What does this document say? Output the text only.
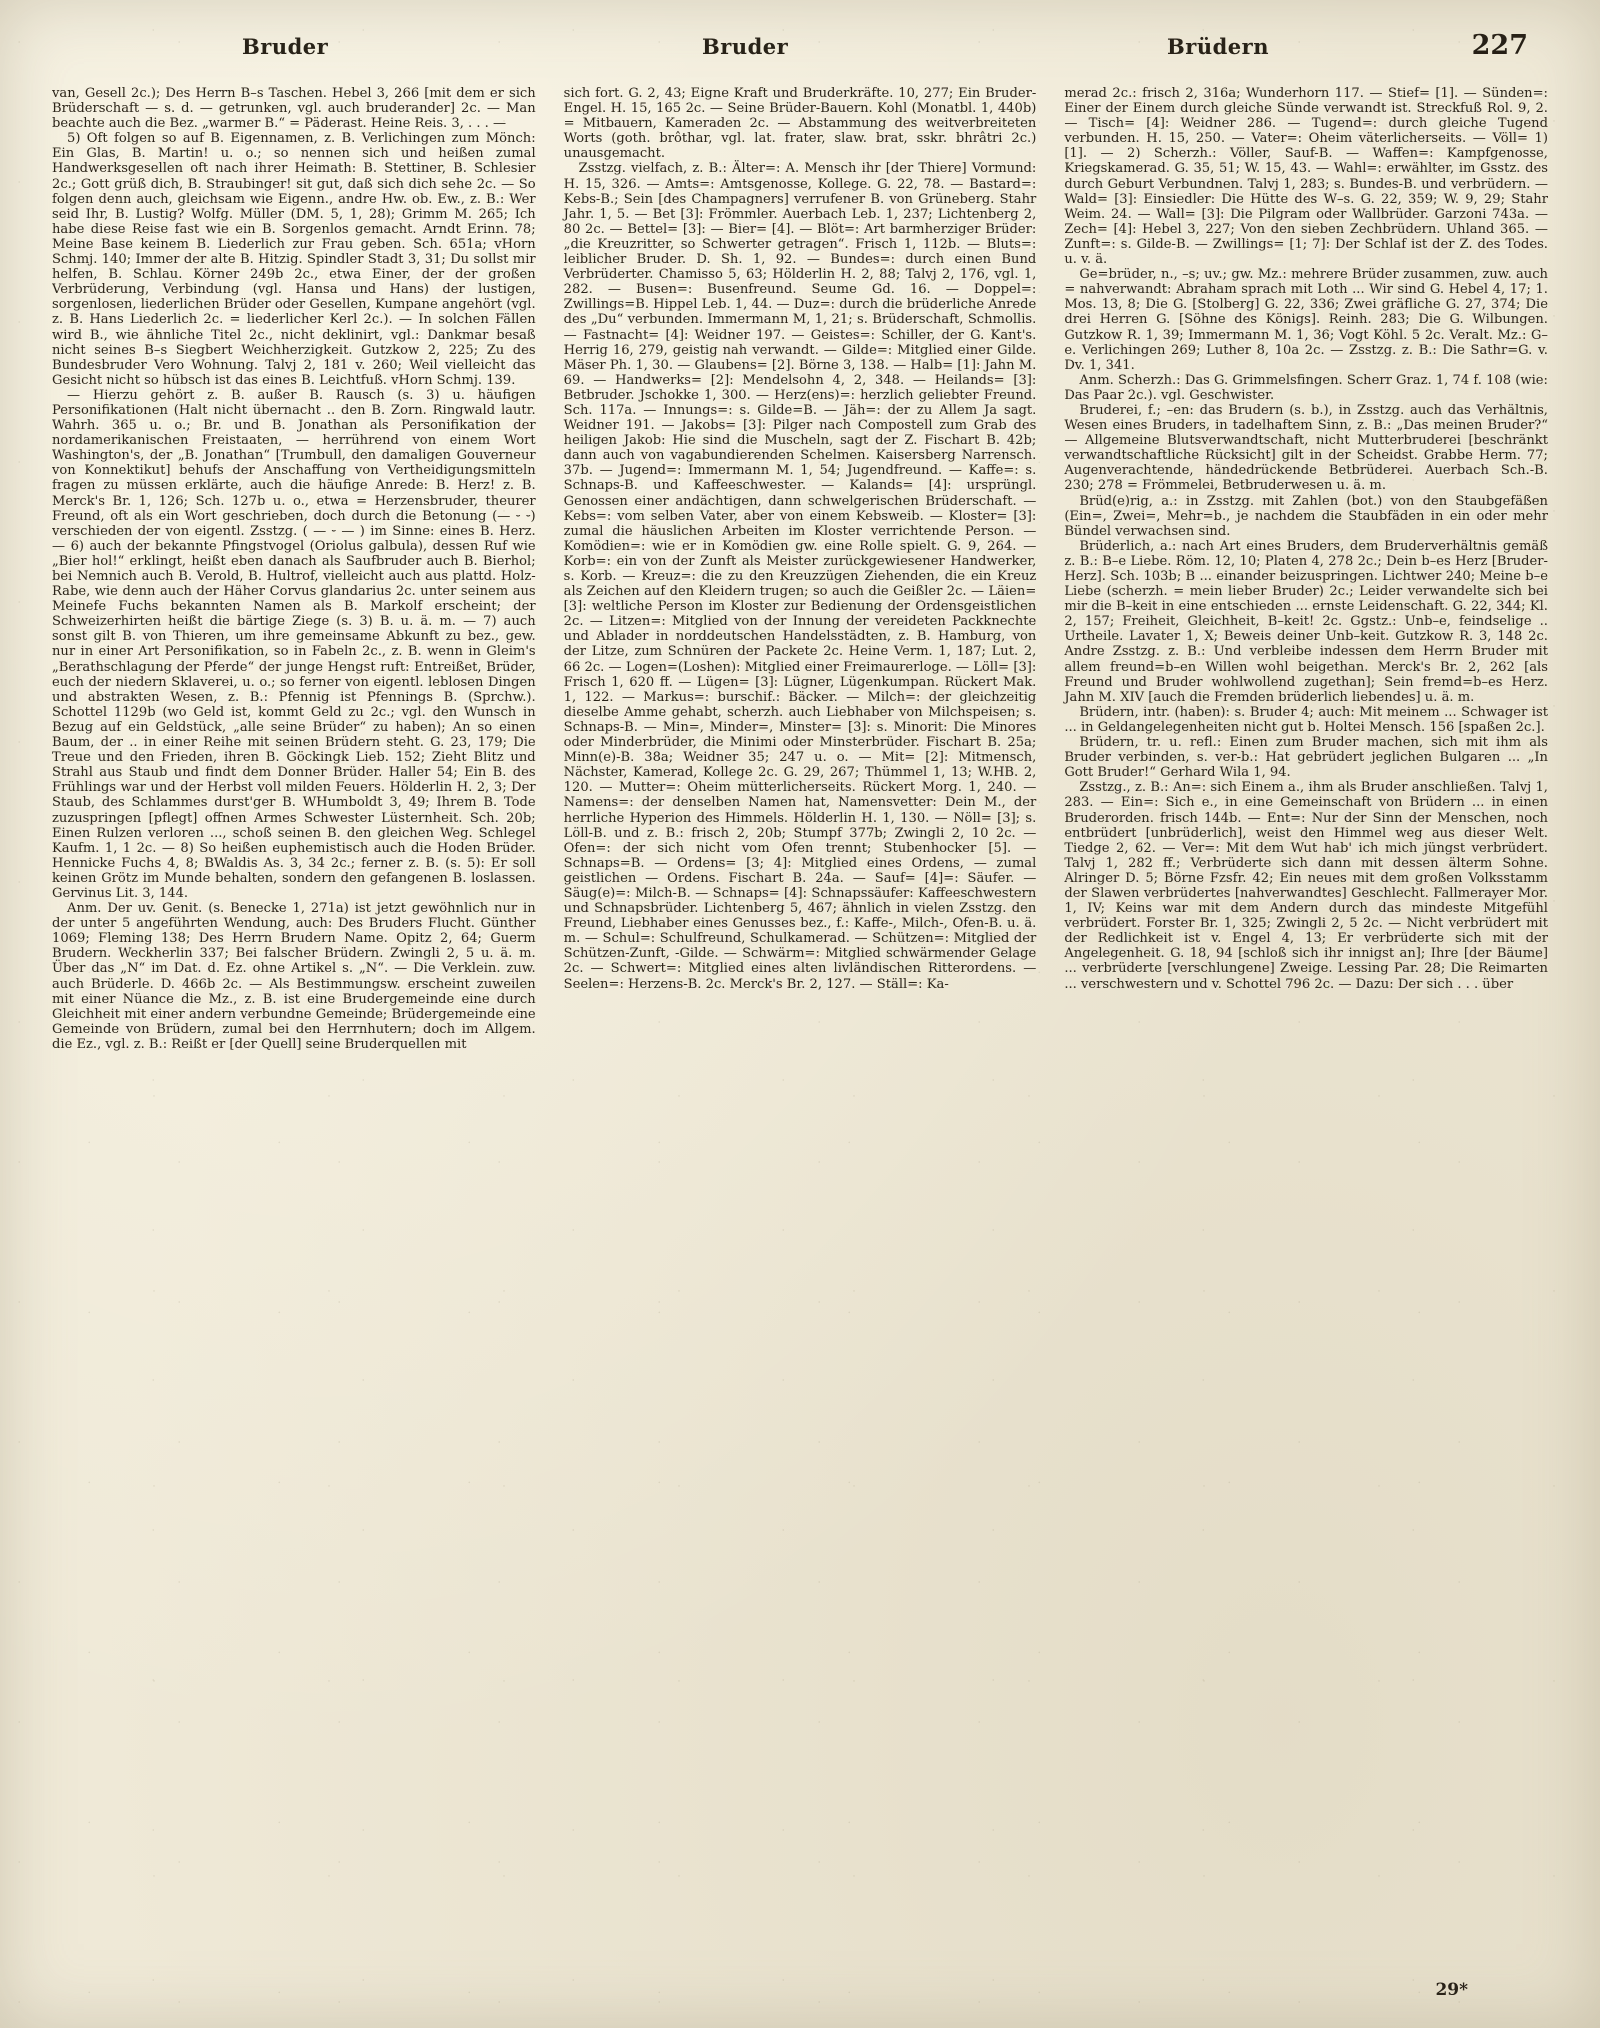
Bruder	Bruder	Brüdern	227

van, Gesell 2c.); Des Herrn B–s Taschen. Hebel 3, 266 [mit dem er sich Brüderschaft — s. d. — getrunken, vgl. auch bruderander] 2c. — Man beachte auch die Bez. „warmer B.“ = Päderast. Heine Reis. 3, . . . —

5) Oft folgen so auf B. Eigennamen, z. B. Verlichingen zum Mönch: Ein Glas, B. Martin! u. o.; so nennen sich und heißen zumal Handwerksgesellen oft nach ihrer Heimath: B. Stettiner, B. Schlesier 2c.; Gott grüß dich, B. Straubinger! sit gut, daß sich dich sehe 2c. — So folgen denn auch, gleichsam wie Eigenn., andre Hw. ob. Ew., z. B.: Wer seid Ihr, B. Lustig? Wolfg. Müller (DM. 5, 1, 28); Grimm M. 265; Ich habe diese Reise fast wie ein B. Sorgenlos gemacht. Arndt Erinn. 78; Meine Base keinem B. Liederlich zur Frau geben. Sch. 651a; vHorn Schmj. 140; Immer der alte B. Hitzig. Spindler Stadt 3, 31; Du sollst mir helfen, B. Schlau. Körner 249b 2c., etwa Einer, der der großen Verbrüderung, Verbindung (vgl. Hansa und Hans) der lustigen, sorgenlosen, liederlichen Brüder oder Gesellen, Kumpane angehört (vgl. z. B. Hans Liederlich 2c. = liederlicher Kerl 2c.). — In solchen Fällen wird B., wie ähnliche Titel 2c., nicht deklinirt, vgl.: Dankmar besaß nicht seines B–s Siegbert Weichherzigkeit. Gutzkow 2, 225; Zu des Bundesbruder Vero Wohnung. Talvj 2, 181 v. 260; Weil vielleicht das Gesicht nicht so hübsch ist das eines B. Leichtfuß. vHorn Schmj. 139.

— Hierzu gehört z. B. außer B. Rausch (s. 3) u. häufigen Personifikationen (Halt nicht übernacht .. den B. Zorn. Ringwald lautr. Wahrh. 365 u. o.; Br. und B. Jonathan als Personifikation der nordamerikanischen Freistaaten, — herrührend von einem Wort Washington's, der „B. Jonathan“ [Trumbull, den damaligen Gouverneur von Konnektikut] behufs der Anschaffung von Vertheidigungsmitteln fragen zu müssen erklärte, auch die häufige Anrede: B. Herz! z. B. Merck's Br. 1, 126; Sch. 127b u. o., etwa = Herzensbruder, theurer Freund, oft als ein Wort geschrieben, doch durch die Betonung (— ⏑ ⏑) verschieden der von eigentl. Zsstzg. ( — ⏑ — ) im Sinne: eines B. Herz. — 6) auch der bekannte Pfingstvogel (Oriolus galbula), dessen Ruf wie „Bier hol!“ erklingt, heißt eben danach als Saufbruder auch B. Bierhol; bei Nemnich auch B. Verold, B. Hultrof, vielleicht auch aus plattd. Holz-Rabe, wie denn auch der Häher Corvus glandarius 2c. unter seinem aus Meinefe Fuchs bekannten Namen als B. Markolf erscheint; der Schweizerhirten heißt die bärtige Ziege (s. 3) B. u. ä. m. — 7) auch sonst gilt B. von Thieren, um ihre gemeinsame Abkunft zu bez., gew. nur in einer Art Personifikation, so in Fabeln 2c., z. B. wenn in Gleim's „Berathschlagung der Pferde“ der junge Hengst ruft: Entreißet, Brüder, euch der niedern Sklaverei, u. o.; so ferner von eigentl. leblosen Dingen und abstrakten Wesen, z. B.: Pfennig ist Pfennings B. (Sprchw.). Schottel 1129b (wo Geld ist, kommt Geld zu 2c.; vgl. den Wunsch in Bezug auf ein Geldstück, „alle seine Brüder“ zu haben); An so einen Baum, der .. in einer Reihe mit seinen Brüdern steht. G. 23, 179; Die Treue und den Frieden, ihren B. Göckingk Lieb. 152; Zieht Blitz und Strahl aus Staub und findt dem Donner Brüder. Haller 54; Ein B. des Frühlings war und der Herbst voll milden Feuers. Hölderlin H. 2, 3; Der Staub, des Schlammes durst'ger B. WHumboldt 3, 49; Ihrem B. Tode zuzuspringen [pflegt] offnen Armes Schwester Lüsternheit. Sch. 20b; Einen Rulzen verloren ..., schoß seinen B. den gleichen Weg. Schlegel Kaufm. 1, 1 2c. — 8) So heißen euphemistisch auch die Hoden Brüder. Hennicke Fuchs 4, 8; BWaldis As. 3, 34 2c.; ferner z. B. (s. 5): Er soll keinen Grötz im Munde behalten, sondern den gefangenen B. loslassen. Gervinus Lit. 3, 144.

Anm. Der uv. Genit. (s. Benecke 1, 271a) ist jetzt gewöhnlich nur in der unter 5 angeführten Wendung, auch: Des Bruders Flucht. Günther 1069; Fleming 138; Des Herrn Brudern Name. Opitz 2, 64; Guerm Brudern. Weckherlin 337; Bei falscher Brüdern. Zwingli 2, 5 u. ä. m. Über das „N“ im Dat. d. Ez. ohne Artikel s. „N“. — Die Verklein. zuw. auch Brüderle. D. 466b 2c. — Als Bestimmungsw. erscheint zuweilen mit einer Nüance die Mz., z. B. ist eine Brudergemeinde eine durch Gleichheit mit einer andern verbundne Gemeinde; Brüdergemeinde eine Gemeinde von Brüdern, zumal bei den Herrnhutern; doch im Allgem. die Ez., vgl. z. B.: Reißt er [der Quell] seine Bruderquellen mit

sich fort. G. 2, 43; Eigne Kraft und Bruderkräfte. 10, 277; Ein Bruder-Engel. H. 15, 165 2c. — Seine Brüder-Bauern. Kohl (Monatbl. 1, 440b) = Mitbauern, Kameraden 2c. — Abstammung des weitverbreiteten Worts (goth. brôthar, vgl. lat. frater, slaw. brat, sskr. bhrâtri 2c.) unausgemacht.

Zsstzg. vielfach, z. B.: Älter=: A. Mensch ihr [der Thiere] Vormund: H. 15, 326. — Amts=: Amtsgenosse, Kollege. G. 22, 78. — Bastard=: Kebs-B.; Sein [des Champagners] verrufener B. von Grüneberg. Stahr Jahr. 1, 5. — Bet [3]: Frömmler. Auerbach Leb. 1, 237; Lichtenberg 2, 80 2c. — Bettel= [3]: — Bier= [4]. — Blöt=: Art barmherziger Brüder: „die Kreuzritter, so Schwerter getragen“. Frisch 1, 112b. — Bluts=: leiblicher Bruder. D. Sh. 1, 92. — Bundes=: durch einen Bund Verbrüderter. Chamisso 5, 63; Hölderlin H. 2, 88; Talvj 2, 176, vgl. 1, 282. — Busen=: Busenfreund. Seume Gd. 16. — Doppel=: Zwillings=B. Hippel Leb. 1, 44. — Duz=: durch die brüderliche Anrede des „Du“ verbunden. Immermann M, 1, 21; s. Brüderschaft, Schmollis. — Fastnacht= [4]: Weidner 197. — Geistes=: Schiller, der G. Kant's. Herrig 16, 279, geistig nah verwandt. — Gilde=: Mitglied einer Gilde. Mäser Ph. 1, 30. — Glaubens= [2]. Börne 3, 138. — Halb= [1]: Jahn M. 69. — Handwerks= [2]: Mendelsohn 4, 2, 348. — Heilands= [3]: Betbruder. Jschokke 1, 300. — Herz(ens)=: herzlich geliebter Freund. Sch. 117a. — Innungs=: s. Gilde=B. — Jäh=: der zu Allem Ja sagt. Weidner 191. — Jakobs= [3]: Pilger nach Compostell zum Grab des heiligen Jakob: Hie sind die Muscheln, sagt der Z. Fischart B. 42b; dann auch von vagabundierenden Schelmen. Kaisersberg Narrensch. 37b. — Jugend=: Immermann M. 1, 54; Jugendfreund. — Kaffe=: s. Schnaps-B. und Kaffeeschwester. — Kalands= [4]: ursprüngl. Genossen einer andächtigen, dann schwelgerischen Brüderschaft. — Kebs=: vom selben Vater, aber von einem Kebsweib. — Kloster= [3]: zumal die häuslichen Arbeiten im Kloster verrichtende Person. — Komödien=: wie er in Komödien gw. eine Rolle spielt. G. 9, 264. — Korb=: ein von der Zunft als Meister zurückgewiesener Handwerker, s. Korb. — Kreuz=: die zu den Kreuzzügen Ziehenden, die ein Kreuz als Zeichen auf den Kleidern trugen; so auch die Geißler 2c. — Läien= [3]: weltliche Person im Kloster zur Bedienung der Ordensgeistlichen 2c. — Litzen=: Mitglied von der Innung der vereideten Packknechte und Ablader in norddeutschen Handelsstädten, z. B. Hamburg, von der Litze, zum Schnüren der Packete 2c. Heine Verm. 1, 187; Lut. 2, 66 2c. — Logen=(Loshen): Mitglied einer Freimaurerloge. — Löll= [3]: Frisch 1, 620 ff. — Lügen= [3]: Lügner, Lügenkumpan. Rückert Mak. 1, 122. — Markus=: burschif.: Bäcker. — Milch=: der gleichzeitig dieselbe Amme gehabt, scherzh. auch Liebhaber von Milchspeisen; s. Schnaps-B. — Min=, Minder=, Minster= [3]: s. Minorit: Die Minores oder Minderbrüder, die Minimi oder Minsterbrüder. Fischart B. 25a; Minn(e)-B. 38a; Weidner 35; 247 u. o. — Mit= [2]: Mitmensch, Nächster, Kamerad, Kollege 2c. G. 29, 267; Thümmel 1, 13; W.HB. 2, 120. — Mutter=: Oheim mütterlicherseits. Rückert Morg. 1, 240. — Namens=: der denselben Namen hat, Namensvetter: Dein M., der herrliche Hyperion des Himmels. Hölderlin H. 1, 130. — Nöll= [3]; s. Löll-B. und z. B.: frisch 2, 20b; Stumpf 377b; Zwingli 2, 10 2c. — Ofen=: der sich nicht vom Ofen trennt; Stubenhocker [5]. — Schnaps=B. — Ordens= [3; 4]: Mitglied eines Ordens, — zumal geistlichen — Ordens. Fischart B. 24a. — Sauf= [4]=: Säufer. — Säug(e)=: Milch-B. — Schnaps= [4]: Schnapssäufer: Kaffeeschwestern und Schnapsbrüder. Lichtenberg 5, 467; ähnlich in vielen Zsstzg. den Freund, Liebhaber eines Genusses bez., f.: Kaffe-, Milch-, Ofen-B. u. ä. m. — Schul=: Schulfreund, Schulkamerad. — Schützen=: Mitglied der Schützen-Zunft, -Gilde. — Schwärm=: Mitglied schwärmender Gelage 2c. — Schwert=: Mitglied eines alten livländischen Ritterordens. — Seelen=: Herzens-B. 2c. Merck's Br. 2, 127. — Ställ=: Ka-

merad 2c.: frisch 2, 316a; Wunderhorn 117. — Stief= [1]. — Sünden=: Einer der Einem durch gleiche Sünde verwandt ist. Streckfuß Rol. 9, 2. — Tisch= [4]: Weidner 286. — Tugend=: durch gleiche Tugend verbunden. H. 15, 250. — Vater=: Oheim väterlicherseits. — Völl= 1) [1]. — 2) Scherzh.: Völler, Sauf-B. — Waffen=: Kampfgenosse, Kriegskamerad. G. 35, 51; W. 15, 43. — Wahl=: erwählter, im Gsstz. des durch Geburt Verbundnen. Talvj 1, 283; s. Bundes-B. und verbrüdern. — Wald= [3]: Einsiedler: Die Hütte des W–s. G. 22, 359; W. 9, 29; Stahr Weim. 24. — Wall= [3]: Die Pilgram oder Wallbrüder. Garzoni 743a. — Zech= [4]: Hebel 3, 227; Von den sieben Zechbrüdern. Uhland 365. — Zunft=: s. Gilde-B. — Zwillings= [1; 7]: Der Schlaf ist der Z. des Todes. u. v. ä.

Ge=brüder, n., –s; uv.; gw. Mz.: mehrere Brüder zusammen, zuw. auch = nahverwandt: Abraham sprach mit Loth ... Wir sind G. Hebel 4, 17; 1. Mos. 13, 8; Die G. [Stolberg] G. 22, 336; Zwei gräfliche G. 27, 374; Die drei Herren G. [Söhne des Königs]. Reinh. 283; Die G. Wilbungen. Gutzkow R. 1, 39; Immermann M. 1, 36; Vogt Köhl. 5 2c. Veralt. Mz.: G–e. Verlichingen 269; Luther 8, 10a 2c. — Zsstzg. z. B.: Die Sathr=G. v. Dv. 1, 341.

Anm. Scherzh.: Das G. Grimmelsfingen. Scherr Graz. 1, 74 f. 108 (wie: Das Paar 2c.). vgl. Geschwister.

Bruderei, f.; –en: das Brudern (s. b.), in Zsstzg. auch das Verhältnis, Wesen eines Bruders, in tadelhaftem Sinn, z. B.: „Das meinen Bruder?“ — Allgemeine Blutsverwandtschaft, nicht Mutterbruderei [beschränkt verwandtschaftliche Rücksicht] gilt in der Scheidst. Grabbe Herm. 77; Augenverachtende, händedrückende Betbrüderei. Auerbach Sch.-B. 230; 278 = Frömmelei, Betbruderwesen u. ä. m.

Brüd(e)rig, a.: in Zsstzg. mit Zahlen (bot.) von den Staubgefäßen (Ein=, Zwei=, Mehr=b., je nachdem die Staubfäden in ein oder mehr Bündel verwachsen sind.

Brüderlich, a.: nach Art eines Bruders, dem Bruderverhältnis gemäß z. B.: B–e Liebe. Röm. 12, 10; Platen 4, 278 2c.; Dein b–es Herz [Bruder-Herz]. Sch. 103b; B ... einander beizuspringen. Lichtwer 240; Meine b–e Liebe (scherzh. = mein lieber Bruder) 2c.; Leider verwandelte sich bei mir die B–keit in eine entschieden ... ernste Leidenschaft. G. 22, 344; Kl. 2, 157; Freiheit, Gleichheit, B–keit! 2c. Ggstz.: Unb–e, feindselige .. Urtheile. Lavater 1, X; Beweis deiner Unb–keit. Gutzkow R. 3, 148 2c. Andre Zsstzg. z. B.: Und verbleibe indessen dem Herrn Bruder mit allem freund=b–en Willen wohl beigethan. Merck's Br. 2, 262 [als Freund und Bruder wohlwollend zugethan]; Sein fremd=b–es Herz. Jahn M. XIV [auch die Fremden brüderlich liebendes] u. ä. m.

Brüdern, intr. (haben): s. Bruder 4; auch: Mit meinem ... Schwager ist ... in Geldangelegenheiten nicht gut b. Holtei Mensch. 156 [spaßen 2c.].

Brüdern, tr. u. refl.: Einen zum Bruder machen, sich mit ihm als Bruder verbinden, s. ver-b.: Hat gebrüdert jeglichen Bulgaren ... „In Gott Bruder!“ Gerhard Wila 1, 94.

Zsstzg., z. B.: An=: sich Einem a., ihm als Bruder anschließen. Talvj 1, 283. — Ein=: Sich e., in eine Gemeinschaft von Brüdern ... in einen Bruderorden. frisch 144b. — Ent=: Nur der Sinn der Menschen, noch entbrüdert [unbrüderlich], weist den Himmel weg aus dieser Welt. Tiedge 2, 62. — Ver=: Mit dem Wut hab' ich mich jüngst verbrüdert. Talvj 1, 282 ff.; Verbrüderte sich dann mit dessen älterm Sohne. Alringer D. 5; Börne Fzsfr. 42; Ein neues mit dem großen Volksstamm der Slawen verbrüdertes [nahverwandtes] Geschlecht. Fallmerayer Mor. 1, IV; Keins war mit dem Andern durch das mindeste Mitgefühl verbrüdert. Forster Br. 1, 325; Zwingli 2, 5 2c. — Nicht verbrüdert mit der Redlichkeit ist v. Engel 4, 13; Er verbrüderte sich mit der Angelegenheit. G. 18, 94 [schloß sich ihr innigst an]; Ihre [der Bäume] ... verbrüderte [verschlungene] Zweige. Lessing Par. 28; Die Reimarten ... verschwestern und v. Schottel 796 2c. — Dazu: Der sich . . . über

29*
